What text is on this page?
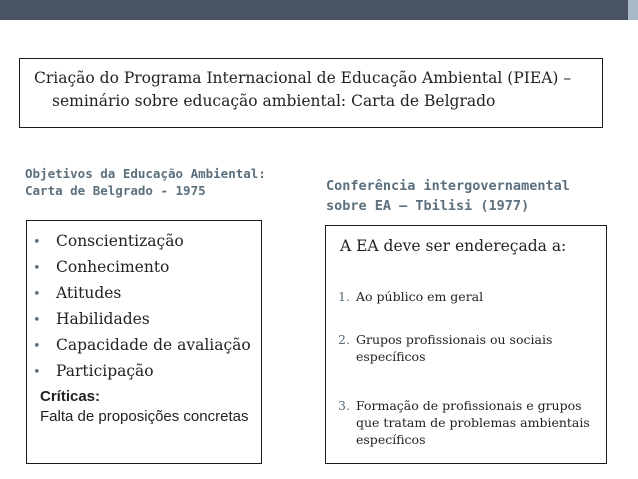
Criação do Programa Internacional de Educação Ambiental (PIEA) – seminário sobre educação ambiental: Carta de Belgrado
Objetivos da Educação Ambiental:
Carta de Belgrado - 1975	Conferência intergovernamental
sobre EA – Tbilisi (1977)
• Conscientização
• Conhecimento
• Atitudes
• Habilidades
• Capacidade de avaliação
• Participação
Críticas:
Falta de proposições concretas
A EA deve ser endereçada a:
1. Ao público em geral
2. Grupos profissionais ou sociais específicos
3. Formação de profissionais e grupos que tratam de problemas ambientais específicos
